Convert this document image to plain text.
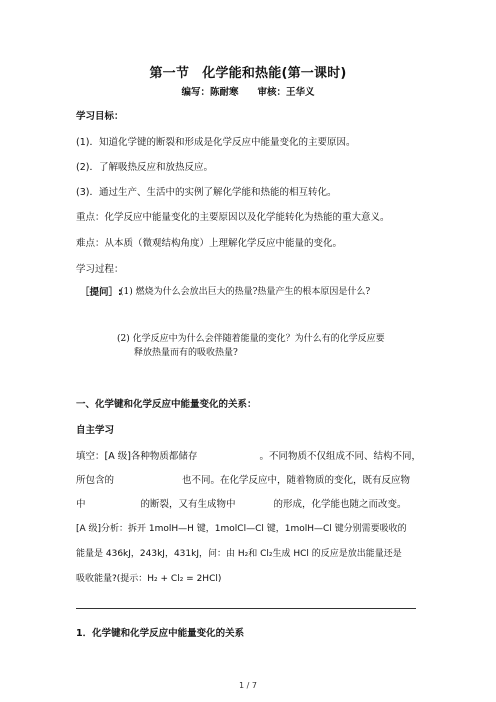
第一节　化学能和热能(第一课时)
编写：陈耐寒　　审核：王华义
学习目标：
(1)．知道化学键的断裂和形成是化学反应中能量变化的主要原因。
(2)．了解吸热反应和放热反应。
(3)．通过生产、生活中的实例了解化学能和热能的相互转化。
重点：化学反应中能量变化的主要原因以及化学能转化为热能的重大意义。
难点：从本质（微观结构角度）上理解化学反应中能量的变化。
学习过程：
［提问］:
(1) 燃烧为什么会放出巨大的热量?热量产生的根本原因是什么?
(2) 化学反应中为什么会伴随着能量的变化？为什么有的化学反应要
释放热量而有的吸收热量?
一、化学键和化学反应中能量变化的关系：
自主学习
填空：[A 级]各种物质都储存	。不同物质不仅组成不同、结构不同，
所包含的	也不同。在化学反应中，随着物质的变化，既有反应物
中	的断裂，又有生成物中	的形成，化学能也随之而改变。
[A 级]分析：拆开 1molH—H 键，1molCl—Cl 键，1molH—Cl 键分别需要吸收的
能量是 436kJ，243kJ，431kJ，问：由 H₂和 Cl₂生成 HCl 的反应是放出能量还是
吸收能量?(提示：H₂ + Cl₂ = 2HCl)
1．化学键和化学反应中能量变化的关系
1 / 7
